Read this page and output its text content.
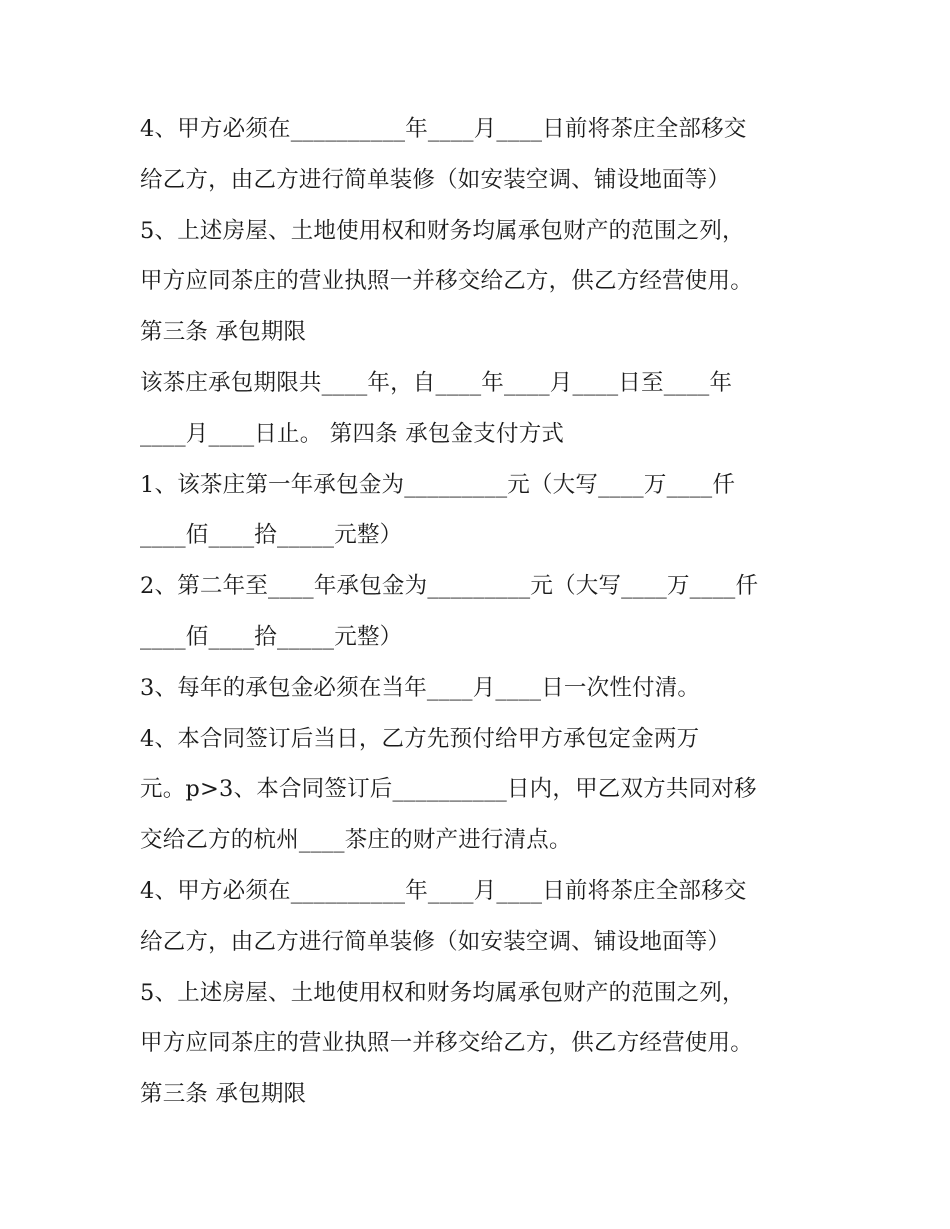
4、甲方必须在__________年____月____日前将茶庄全部移交
给乙方，由乙方进行简单装修（如安装空调、铺设地面等）
5、上述房屋、土地使用权和财务均属承包财产的范围之列，
甲方应同茶庄的营业执照一并移交给乙方，供乙方经营使用。
第三条 承包期限
该茶庄承包期限共____年，自____年____月____日至____年
____月____日止。 第四条 承包金支付方式
1、该茶庄第一年承包金为_________元（大写____万____仟
____佰____拾_____元整）
2、第二年至____年承包金为_________元（大写____万____仟
____佰____拾_____元整）
3、每年的承包金必须在当年____月____日一次性付清。
4、本合同签订后当日，乙方先预付给甲方承包定金两万
元。p>3、本合同签订后__________日内，甲乙双方共同对移
交给乙方的杭州____茶庄的财产进行清点。
4、甲方必须在__________年____月____日前将茶庄全部移交
给乙方，由乙方进行简单装修（如安装空调、铺设地面等）
5、上述房屋、土地使用权和财务均属承包财产的范围之列，
甲方应同茶庄的营业执照一并移交给乙方，供乙方经营使用。
第三条 承包期限
